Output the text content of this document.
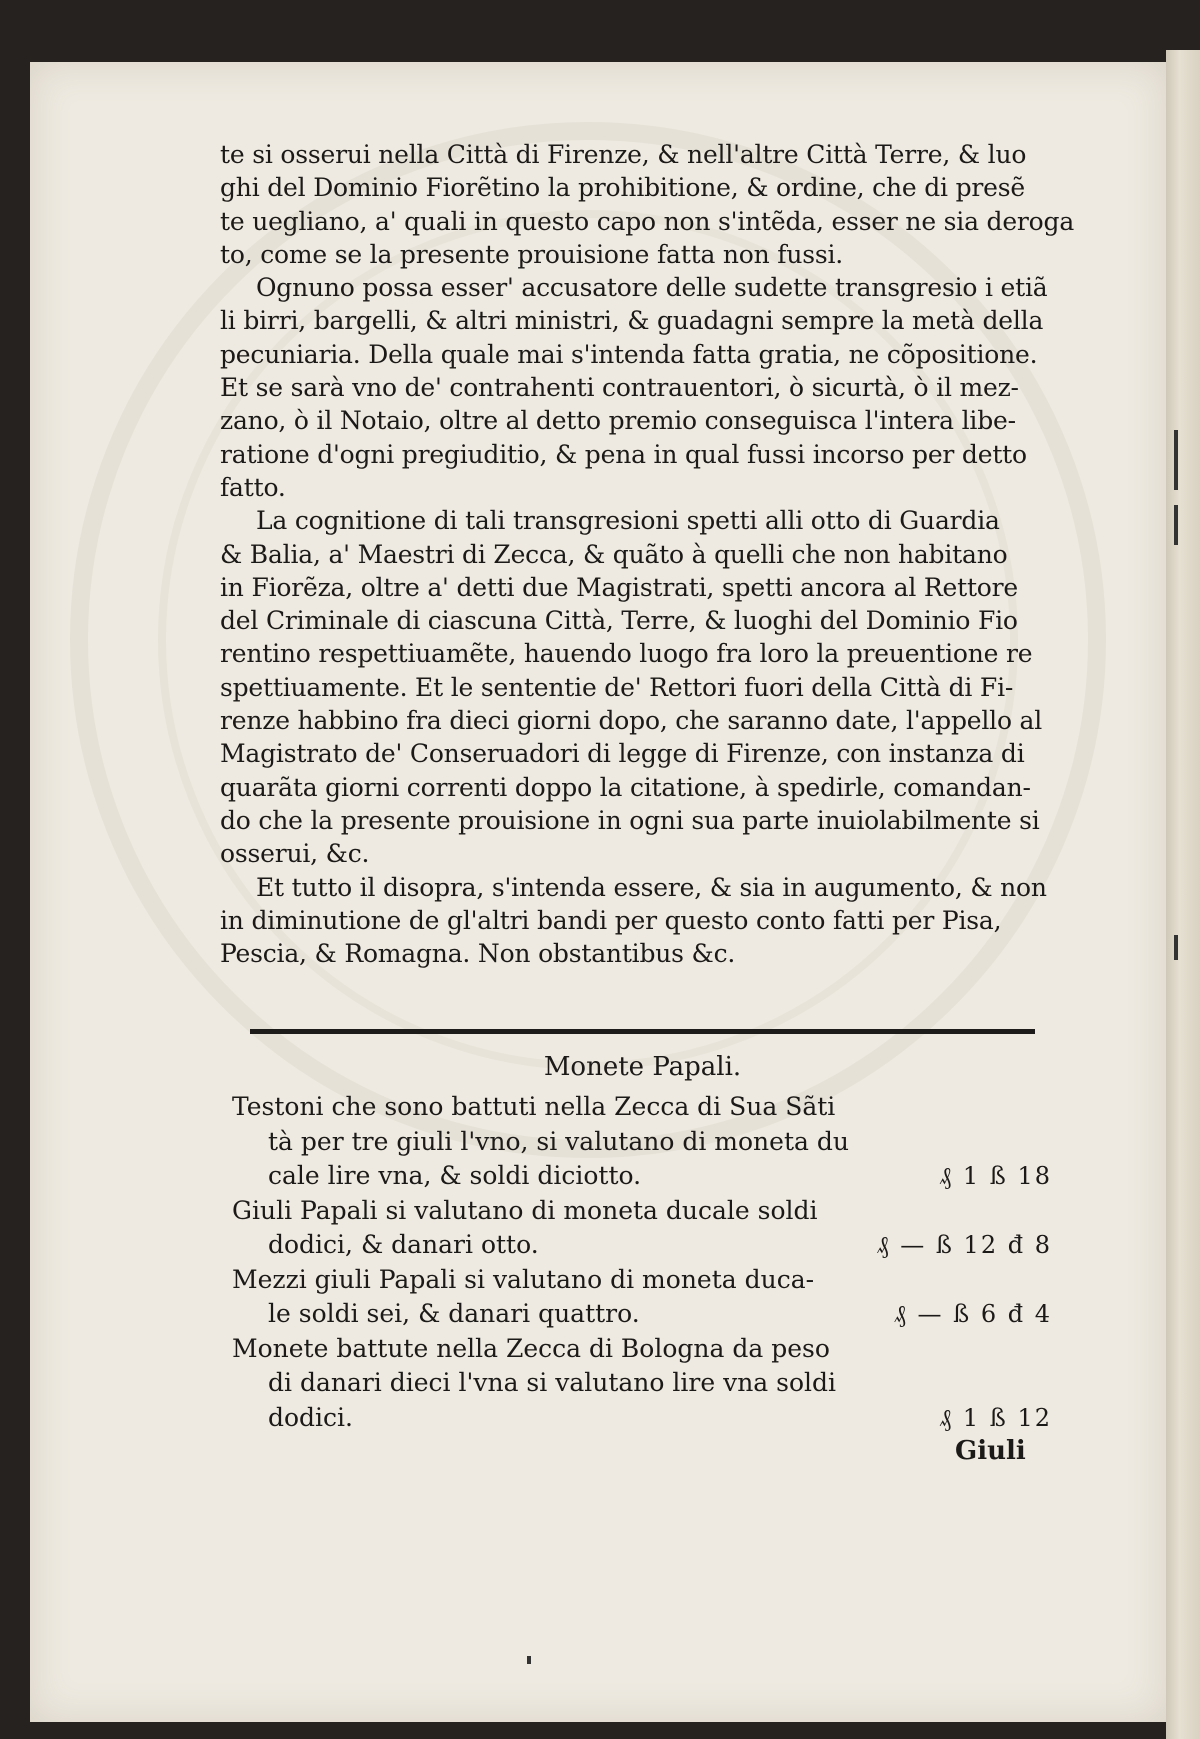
te si osserui nella Città di Firenze, & nell'altre Città Terre, & luo
ghi del Dominio Fiorẽtino la prohibitione, & ordine, che di presẽ
te uegliano, a' quali in questo capo non s'intẽda, esser ne sia deroga
to, come se la presente prouisione fatta non fussi.
Ognuno possa esser' accusatore delle sudette transgresio i etiã
li birri, bargelli, & altri ministri, & guadagni sempre la metà della
pecuniaria. Della quale mai s'intenda fatta gratia, ne cõpositione.
Et se sarà vno de' contrahenti contrauentori, ò sicurtà, ò il mez-
zano, ò il Notaio, oltre al detto premio conseguisca l'intera libe-
ratione d'ogni pregiuditio, & pena in qual fussi incorso per detto
fatto.
La cognitione di tali transgresioni spetti alli otto di Guardia
& Balia, a' Maestri di Zecca, & quãto à quelli che non habitano
in Fiorẽza, oltre a' detti due Magistrati, spetti ancora al Rettore
del Criminale di ciascuna Città, Terre, & luoghi del Dominio Fio
rentino respettiuamẽte, hauendo luogo fra loro la preuentione re
spettiuamente. Et le sententie de' Rettori fuori della Città di Fi-
renze habbino fra dieci giorni dopo, che saranno date, l'appello al
Magistrato de' Conseruadori di legge di Firenze, con instanza di
quarãta giorni correnti doppo la citatione, à spedirle, comandan-
do che la presente prouisione in ogni sua parte inuiolabilmente si
osserui, &c.
Et tutto il disopra, s'intenda essere, & sia in augumento, & non
in diminutione de gl'altri bandi per questo conto fatti per Pisa,
Pescia, & Romagna. Non obstantibus &c.
Monete Papali.
Testoni che sono battuti nella Zecca di Sua Sãti
tà per tre giuli l'vno, si valutano di moneta du
cale lire vna, & soldi diciotto.	₰ 1 ß 18
Giuli Papali si valutano di moneta ducale soldi
dodici, & danari otto.	₰ — ß 12 đ 8
Mezzi giuli Papali si valutano di moneta duca-
le soldi sei, & danari quattro.	₰ — ß 6 đ 4
Monete battute nella Zecca di Bologna da peso
di danari dieci l'vna si valutano lire vna soldi
dodici.	₰ 1 ß 12
Giuli
